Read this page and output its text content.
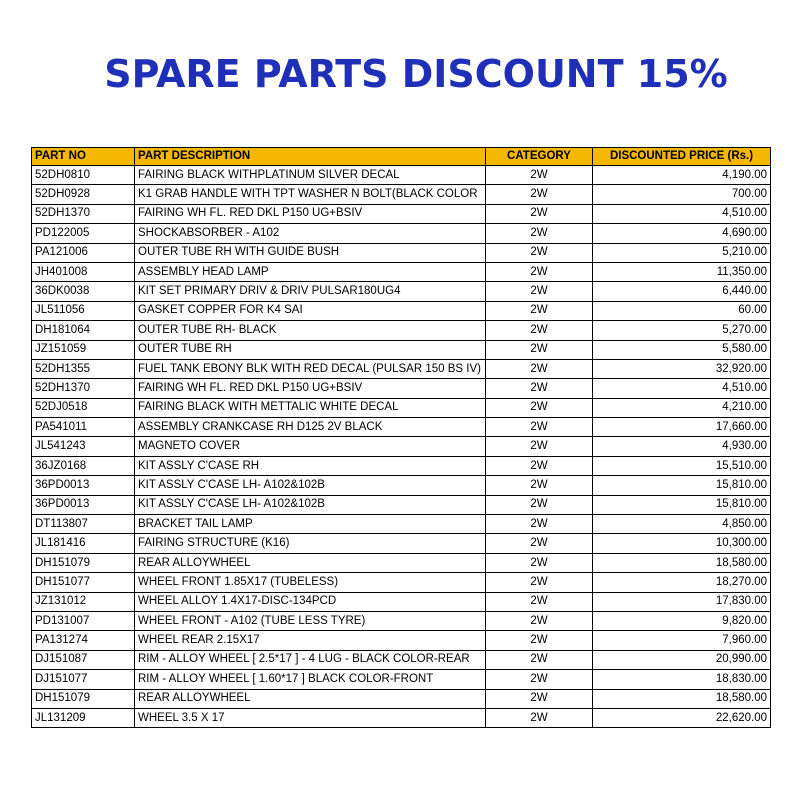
SPARE PARTS DISCOUNT 15%
PART NO	PART DESCRIPTION	CATEGORY	DISCOUNTED PRICE (Rs.)
52DH0810	FAIRING BLACK WITHPLATINUM SILVER DECAL	2W	4,190.00
52DH0928	K1 GRAB HANDLE WITH TPT WASHER N BOLT(BLACK COLOR	2W	700.00
52DH1370	FAIRING WH FL. RED DKL P150 UG+BSIV	2W	4,510.00
PD122005	SHOCKABSORBER - A102	2W	4,690.00
PA121006	OUTER TUBE RH WITH GUIDE BUSH	2W	5,210.00
JH401008	ASSEMBLY HEAD LAMP	2W	11,350.00
36DK0038	KIT SET PRIMARY DRIV & DRIV PULSAR180UG4	2W	6,440.00
JL511056	GASKET COPPER FOR K4 SAI	2W	60.00
DH181064	OUTER TUBE RH- BLACK	2W	5,270.00
JZ151059	OUTER TUBE RH	2W	5,580.00
52DH1355	FUEL TANK EBONY BLK WITH RED DECAL (PULSAR 150 BS IV)	2W	32,920.00
52DH1370	FAIRING WH FL. RED DKL P150 UG+BSIV	2W	4,510.00
52DJ0518	FAIRING BLACK WITH METTALIC WHITE DECAL	2W	4,210.00
PA541011	ASSEMBLY CRANKCASE RH D125 2V BLACK	2W	17,660.00
JL541243	MAGNETO COVER	2W	4,930.00
36JZ0168	KIT ASSLY C'CASE RH	2W	15,510.00
36PD0013	KIT ASSLY C'CASE LH- A102&102B	2W	15,810.00
36PD0013	KIT ASSLY C'CASE LH- A102&102B	2W	15,810.00
DT113807	BRACKET TAIL LAMP	2W	4,850.00
JL181416	FAIRING STRUCTURE (K16)	2W	10,300.00
DH151079	REAR ALLOYWHEEL	2W	18,580.00
DH151077	WHEEL FRONT 1.85X17 (TUBELESS)	2W	18,270.00
JZ131012	WHEEL ALLOY 1.4X17-DISC-134PCD	2W	17,830.00
PD131007	WHEEL FRONT - A102 (TUBE LESS TYRE)	2W	9,820.00
PA131274	WHEEL REAR 2.15X17	2W	7,960.00
DJ151087	RIM - ALLOY WHEEL [ 2.5*17 ] - 4 LUG - BLACK COLOR-REAR	2W	20,990.00
DJ151077	RIM - ALLOY WHEEL [ 1.60*17 ] BLACK COLOR-FRONT	2W	18,830.00
DH151079	REAR ALLOYWHEEL	2W	18,580.00
JL131209	WHEEL 3.5 X 17	2W	22,620.00
